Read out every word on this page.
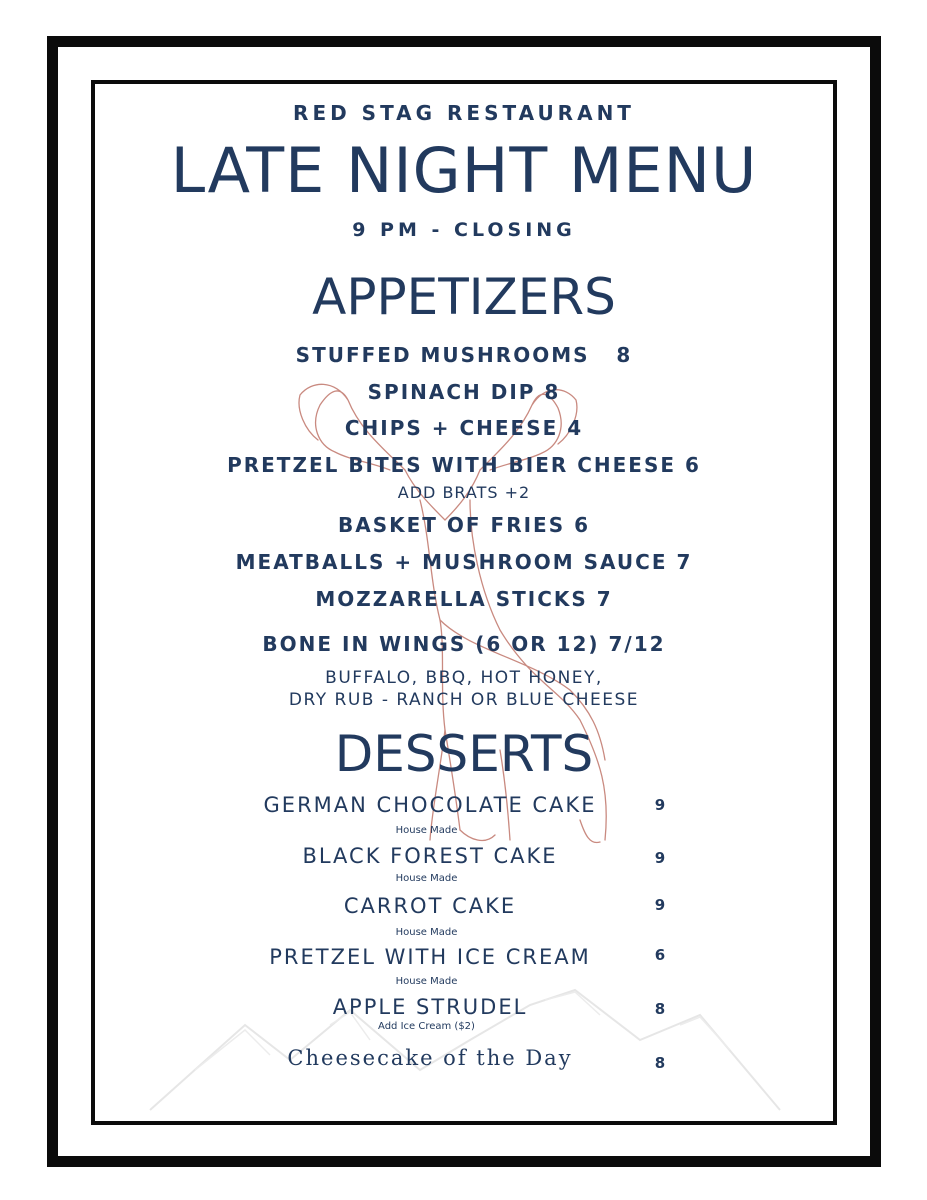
RED STAG RESTAURANT
LATE NIGHT MENU
9 PM - CLOSING
APPETIZERS
STUFFED MUSHROOMS   8
SPINACH DIP 8
CHIPS + CHEESE 4
PRETZEL BITES WITH BIER CHEESE 6
ADD BRATS +2
BASKET OF FRIES 6
MEATBALLS + MUSHROOM SAUCE 7
MOZZARELLA STICKS 7
BONE IN WINGS (6 OR 12) 7/12
BUFFALO, BBQ, HOT HONEY,
DRY RUB - RANCH OR BLUE CHEESE
DESSERTS
GERMAN CHOCOLATE CAKE	9
House Made
BLACK FOREST CAKE	9
House Made
CARROT CAKE	9
House Made
PRETZEL WITH ICE CREAM	6
House Made
APPLE STRUDEL	8
Add Ice Cream ($2)
Cheesecake of the Day	8
